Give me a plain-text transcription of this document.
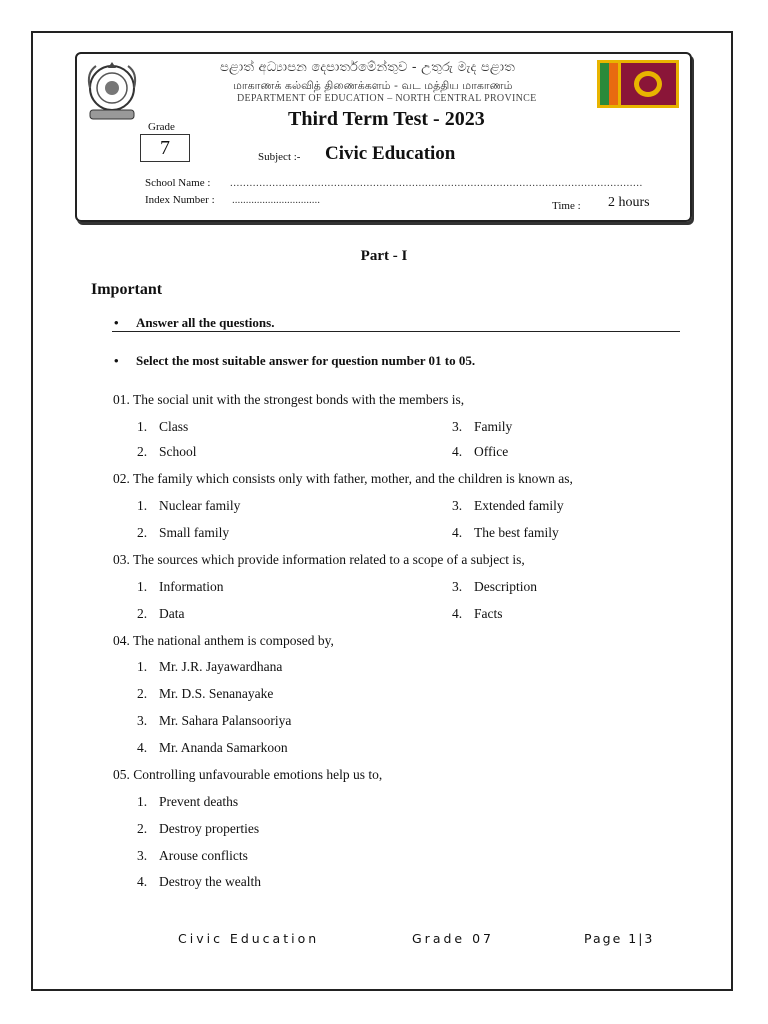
පළාත් අධ්‍යාපන දෙපාර්තමේන්තුව - උතුරු මැද පළාත
மாகாணக் கல்வித் திணைக்களம் - வட மத்திய மாகாணம்
DEPARTMENT OF EDUCATION – NORTH CENTRAL PROVINCE
Third Term Test - 2023
Grade
7	Subject :- Civic Education
School Name : ...............................................................................................................................
Index Number : ................................	Time : 2 hours
Part - I
Important
• Answer all the questions.
• Select the most suitable answer for question number 01 to 05.
01. The social unit with the strongest bonds with the members is,
1. Class	3. Family
2. School	4. Office
02. The family which consists only with father, mother, and the children is known as,
1. Nuclear family	3. Extended family
2. Small family	4. The best family
03. The sources which provide information related to a scope of a subject is,
1. Information	3. Description
2. Data	4. Facts
04. The national anthem is composed by,
1. Mr. J.R. Jayawardhana
2. Mr. D.S. Senanayake
3. Mr. Sahara Palansooriya
4. Mr. Ananda Samarkoon
05. Controlling unfavourable emotions help us to,
1. Prevent deaths
2. Destroy properties
3. Arouse conflicts
4. Destroy the wealth
Civic Education	Grade 07	Page 1|3
